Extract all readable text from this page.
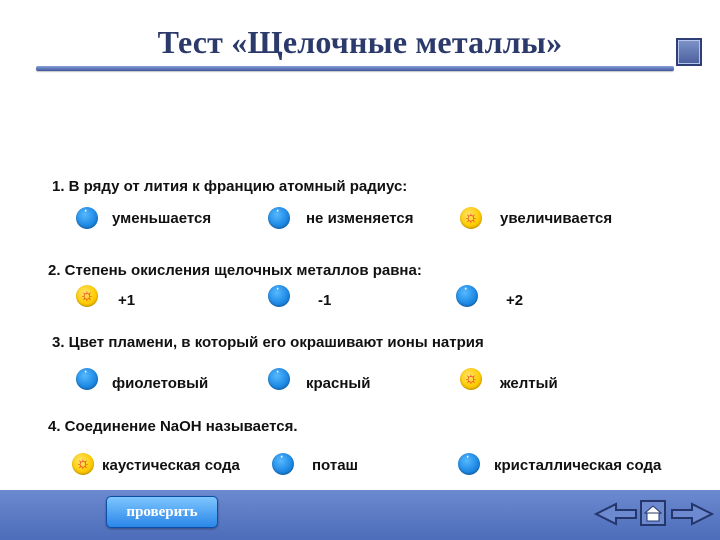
Тест «Щелочные металлы»
1. В ряду от лития к францию атомный радиус:
·
уменьшается ·	не изменяется	☼ увеличивается
2. Степень окисления щелочных металлов равна:
☼ +1 ·	-1 ·	+2
3. Цвет пламени, в который его окрашивают ионы натрия
·
фиолетовый ·	красный	☼ желтый
4. Соединение NaOH называется.
☼ каустическая сода ·	поташ ·	кристаллическая сода
проверить
